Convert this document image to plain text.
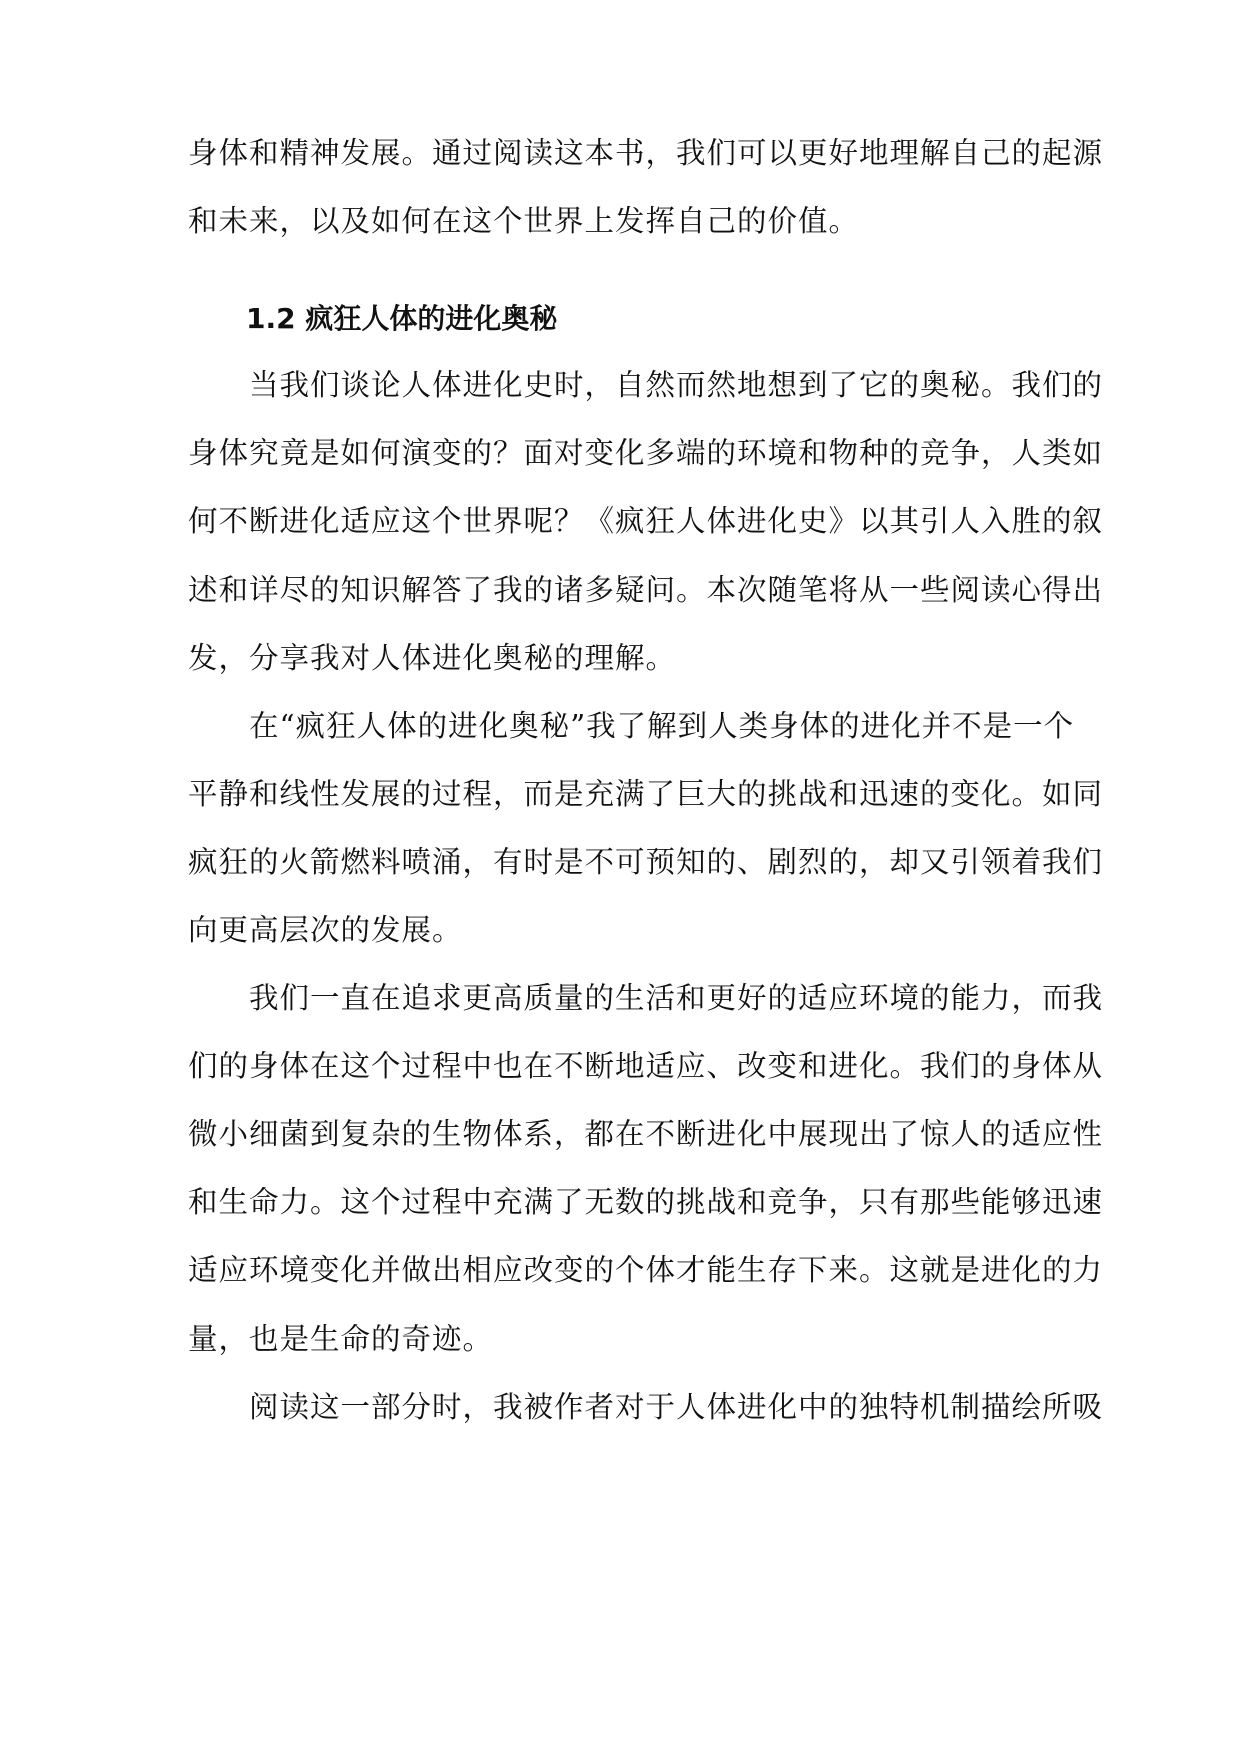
身体和精神发展。通过阅读这本书，我们可以更好地理解自己的起源
和未来，以及如何在这个世界上发挥自己的价值。
1.2 疯狂人体的进化奥秘
　　当我们谈论人体进化史时，自然而然地想到了它的奥秘。我们的
身体究竟是如何演变的？面对变化多端的环境和物种的竞争，人类如
何不断进化适应这个世界呢？《疯狂人体进化史》以其引人入胜的叙
述和详尽的知识解答了我的诸多疑问。本次随笔将从一些阅读心得出
发，分享我对人体进化奥秘的理解。
　　在“疯狂人体的进化奥秘”我了解到人类身体的进化并不是一个
平静和线性发展的过程，而是充满了巨大的挑战和迅速的变化。如同
疯狂的火箭燃料喷涌，有时是不可预知的、剧烈的，却又引领着我们
向更高层次的发展。
　　我们一直在追求更高质量的生活和更好的适应环境的能力，而我
们的身体在这个过程中也在不断地适应、改变和进化。我们的身体从
微小细菌到复杂的生物体系，都在不断进化中展现出了惊人的适应性
和生命力。这个过程中充满了无数的挑战和竞争，只有那些能够迅速
适应环境变化并做出相应改变的个体才能生存下来。这就是进化的力
量，也是生命的奇迹。
　　阅读这一部分时，我被作者对于人体进化中的独特机制描绘所吸
